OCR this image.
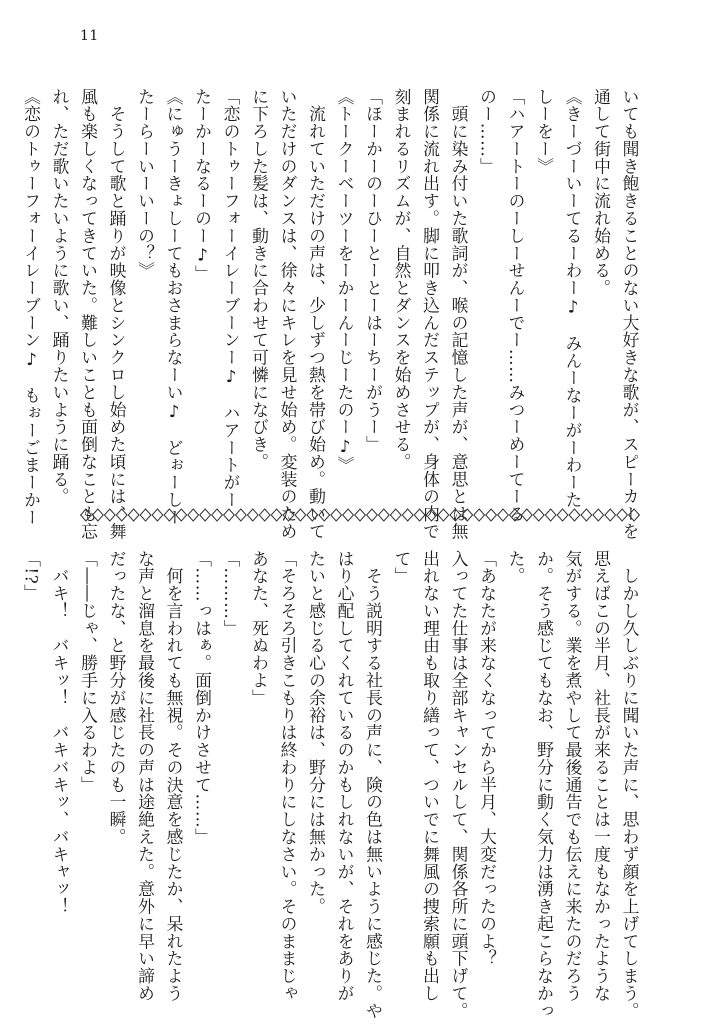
11
いても聞き飽きることのない大好きな歌が、スピーカーを
通して街中に流れ始める。
《きーづーいーてるーわー♪　みんーなーがーわーた
しーをー》
「ハアートーのーしーせんーでー……みつーめーてーる
のー……」
　頭に染み付いた歌詞が、喉の記憶した声が、意思とは無
関係に流れ出す。脚に叩き込んだステップが、身体の内で
刻まれるリズムが、自然とダンスを始めさせる。
「ほーかーのーひーとーとーはーちーがうー」
《トークーベーツーをーかーんーじーたのー♪》
　流れていただけの声は、少しずつ熱を帯び始め。動いて
いただけのダンスは、徐々にキレを見せ始め。変装のため
に下ろした髪は、動きに合わせて可憐になびき。
「恋のトゥーフォーイレーブーンー♪　ハアートがー
たーかーなるーのー♪」
《にゅうーきょしーてもおさまらなーい♪　どぉーしー
たーらーいーいーの？》
　そうして歌と踊りが映像とシンクロし始めた頃には、舞
風も楽しくなってきていた。難しいことも面倒なことも忘
れ、ただ歌いたいように歌い、踊りたいように踊る。
《恋のトゥーフォーイレーブーン♪　もぉーごまーかー
　しかし久しぶりに聞いた声に、思わず顔を上げてしまう。
思えばこの半月、社長が来ることは一度もなかったような
気がする。業を煮やして最後通告でも伝えに来たのだろう
か。そう感じてもなお、野分に動く気力は湧き起こらなかっ
た。
「あなたが来なくなってから半月、大変だったのよ？
入ってた仕事は全部キャンセルして、関係各所に頭下げて。
出れない理由も取り繕って、ついでに舞風の捜索願も出し
て」
　そう説明する社長の声に、険の色は無いように感じた。や
はり心配してくれているのかもしれないが、それをありが
たいと感じる心の余裕は、野分には無かった。
「そろそろ引きこもりは終わりにしなさい。そのままじゃ
あなた、死ぬわよ」
「………」
「……っはぁ。面倒かけさせて……」
　何を言われても無視。その決意を感じたか、呆れたよう
な声と溜息を最後に社長の声は途絶えた。意外に早い諦め
だったな、と野分が感じたのも一瞬。
「――じゃ、勝手に入るわよ」
　バキ！　バキッ！　バキバキッ、バキャッ！
「!?」
